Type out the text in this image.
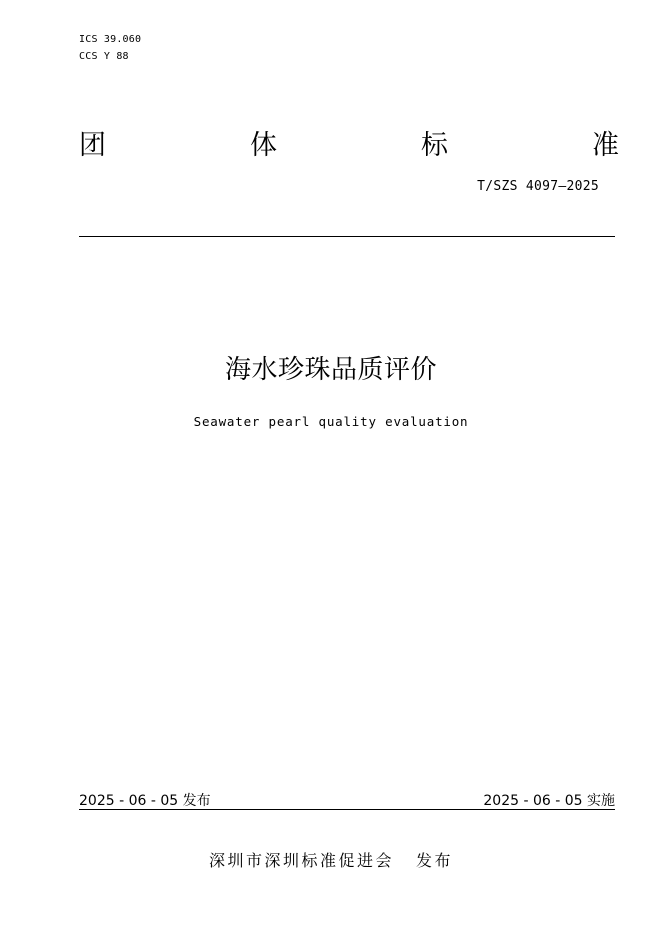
ICS 39.060
CCS Y 88
团	体	标	准
T/SZS 4097—2025
海水珍珠品质评价
Seawater pearl quality evaluation
2025 - 06 - 05 发布	2025 - 06 - 05 实施
深圳市深圳标准促进会 发布
